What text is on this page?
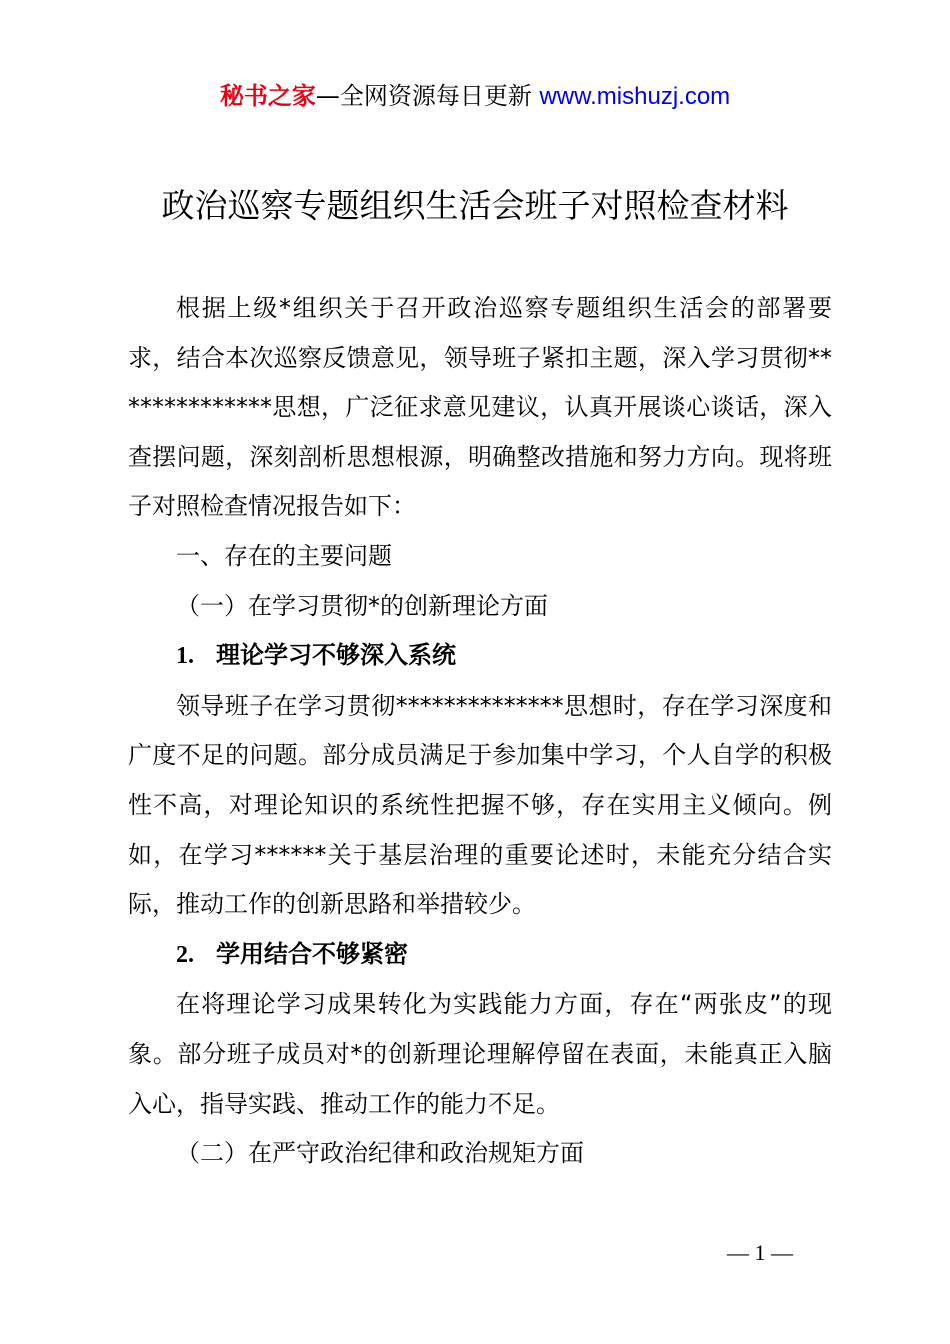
秘书之家—全网资源每日更新 www.mishuzj.com
政治巡察专题组织生活会班子对照检查材料

根据上级*组织关于召开政治巡察专题组织生活会的部署要求，结合本次巡察反馈意见，领导班子紧扣主题，深入学习贯彻**************思想，广泛征求意见建议，认真开展谈心谈话，深入查摆问题，深刻剖析思想根源，明确整改措施和努力方向。现将班子对照检查情况报告如下：

一、存在的主要问题

（一）在学习贯彻*的创新理论方面

1. 理论学习不够深入系统

领导班子在学习贯彻**************思想时，存在学习深度和广度不足的问题。部分成员满足于参加集中学习，个人自学的积极性不高，对理论知识的系统性把握不够，存在实用主义倾向。例如，在学习******关于基层治理的重要论述时，未能充分结合实际，推动工作的创新思路和举措较少。

2. 学用结合不够紧密

在将理论学习成果转化为实践能力方面，存在“两张皮”的现象。部分班子成员对*的创新理论理解停留在表面，未能真正入脑入心，指导实践、推动工作的能力不足。

（二）在严守政治纪律和政治规矩方面

— 1 —
